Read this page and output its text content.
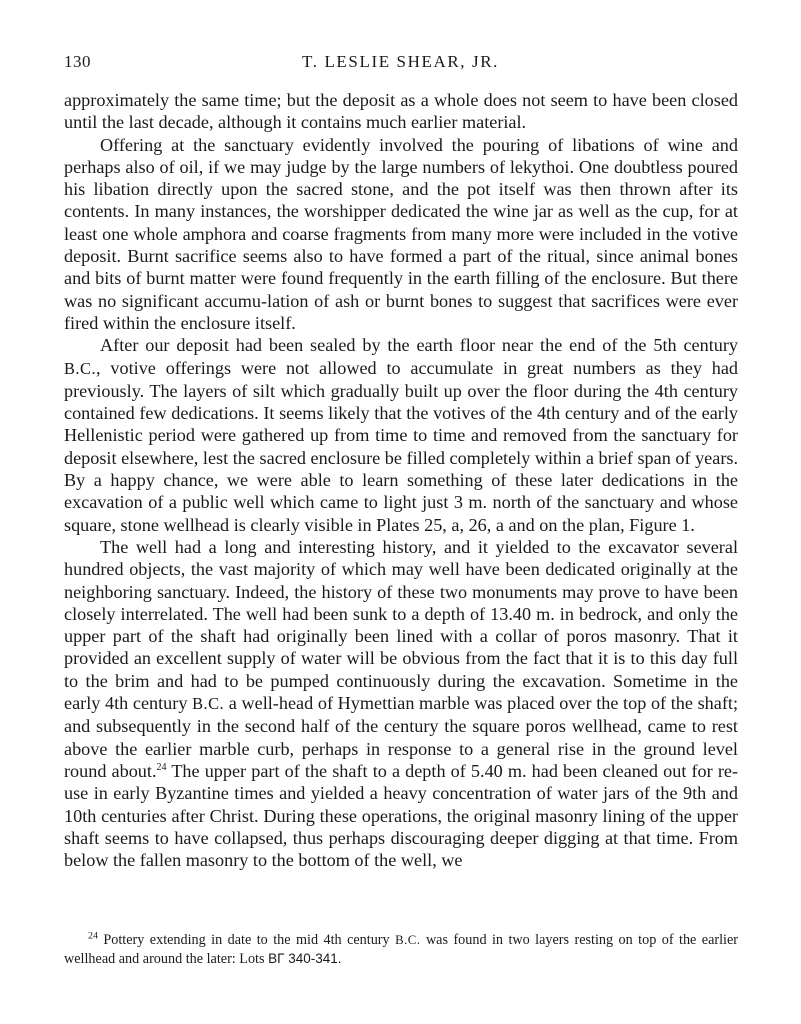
130	T. LESLIE SHEAR, JR.

approximately the same time; but the deposit as a whole does not seem to have been closed until the last decade, although it contains much earlier material.

Offering at the sanctuary evidently involved the pouring of libations of wine and perhaps also of oil, if we may judge by the large numbers of lekythoi. One doubtless poured his libation directly upon the sacred stone, and the pot itself was then thrown after its contents. In many instances, the worshipper dedicated the wine jar as well as the cup, for at least one whole amphora and coarse fragments from many more were included in the votive deposit. Burnt sacrifice seems also to have formed a part of the ritual, since animal bones and bits of burnt matter were found frequently in the earth filling of the enclosure. But there was no significant accumu-lation of ash or burnt bones to suggest that sacrifices were ever fired within the enclosure itself.

After our deposit had been sealed by the earth floor near the end of the 5th century B.C., votive offerings were not allowed to accumulate in great numbers as they had previously. The layers of silt which gradually built up over the floor during the 4th century contained few dedications. It seems likely that the votives of the 4th century and of the early Hellenistic period were gathered up from time to time and removed from the sanctuary for deposit elsewhere, lest the sacred enclosure be filled completely within a brief span of years. By a happy chance, we were able to learn something of these later dedications in the excavation of a public well which came to light just 3 m. north of the sanctuary and whose square, stone wellhead is clearly visible in Plates 25, a, 26, a and on the plan, Figure 1.

The well had a long and interesting history, and it yielded to the excavator several hundred objects, the vast majority of which may well have been dedicated originally at the neighboring sanctuary. Indeed, the history of these two monuments may prove to have been closely interrelated. The well had been sunk to a depth of 13.40 m. in bedrock, and only the upper part of the shaft had originally been lined with a collar of poros masonry. That it provided an excellent supply of water will be obvious from the fact that it is to this day full to the brim and had to be pumped continuously during the excavation. Sometime in the early 4th century B.C. a well-head of Hymettian marble was placed over the top of the shaft; and subsequently in the second half of the century the square poros wellhead, came to rest above the earlier marble curb, perhaps in response to a general rise in the ground level round about.$^{24}$ The upper part of the shaft to a depth of 5.40 m. had been cleaned out for re-use in early Byzantine times and yielded a heavy concentration of water jars of the 9th and 10th centuries after Christ. During these operations, the original masonry lining of the upper shaft seems to have collapsed, thus perhaps discouraging deeper digging at that time. From below the fallen masonry to the bottom of the well, we

$^{24}$ Pottery extending in date to the mid 4th century B.C. was found in two layers resting on top of the earlier wellhead and around the later: Lots ΒΓ 340-341.
